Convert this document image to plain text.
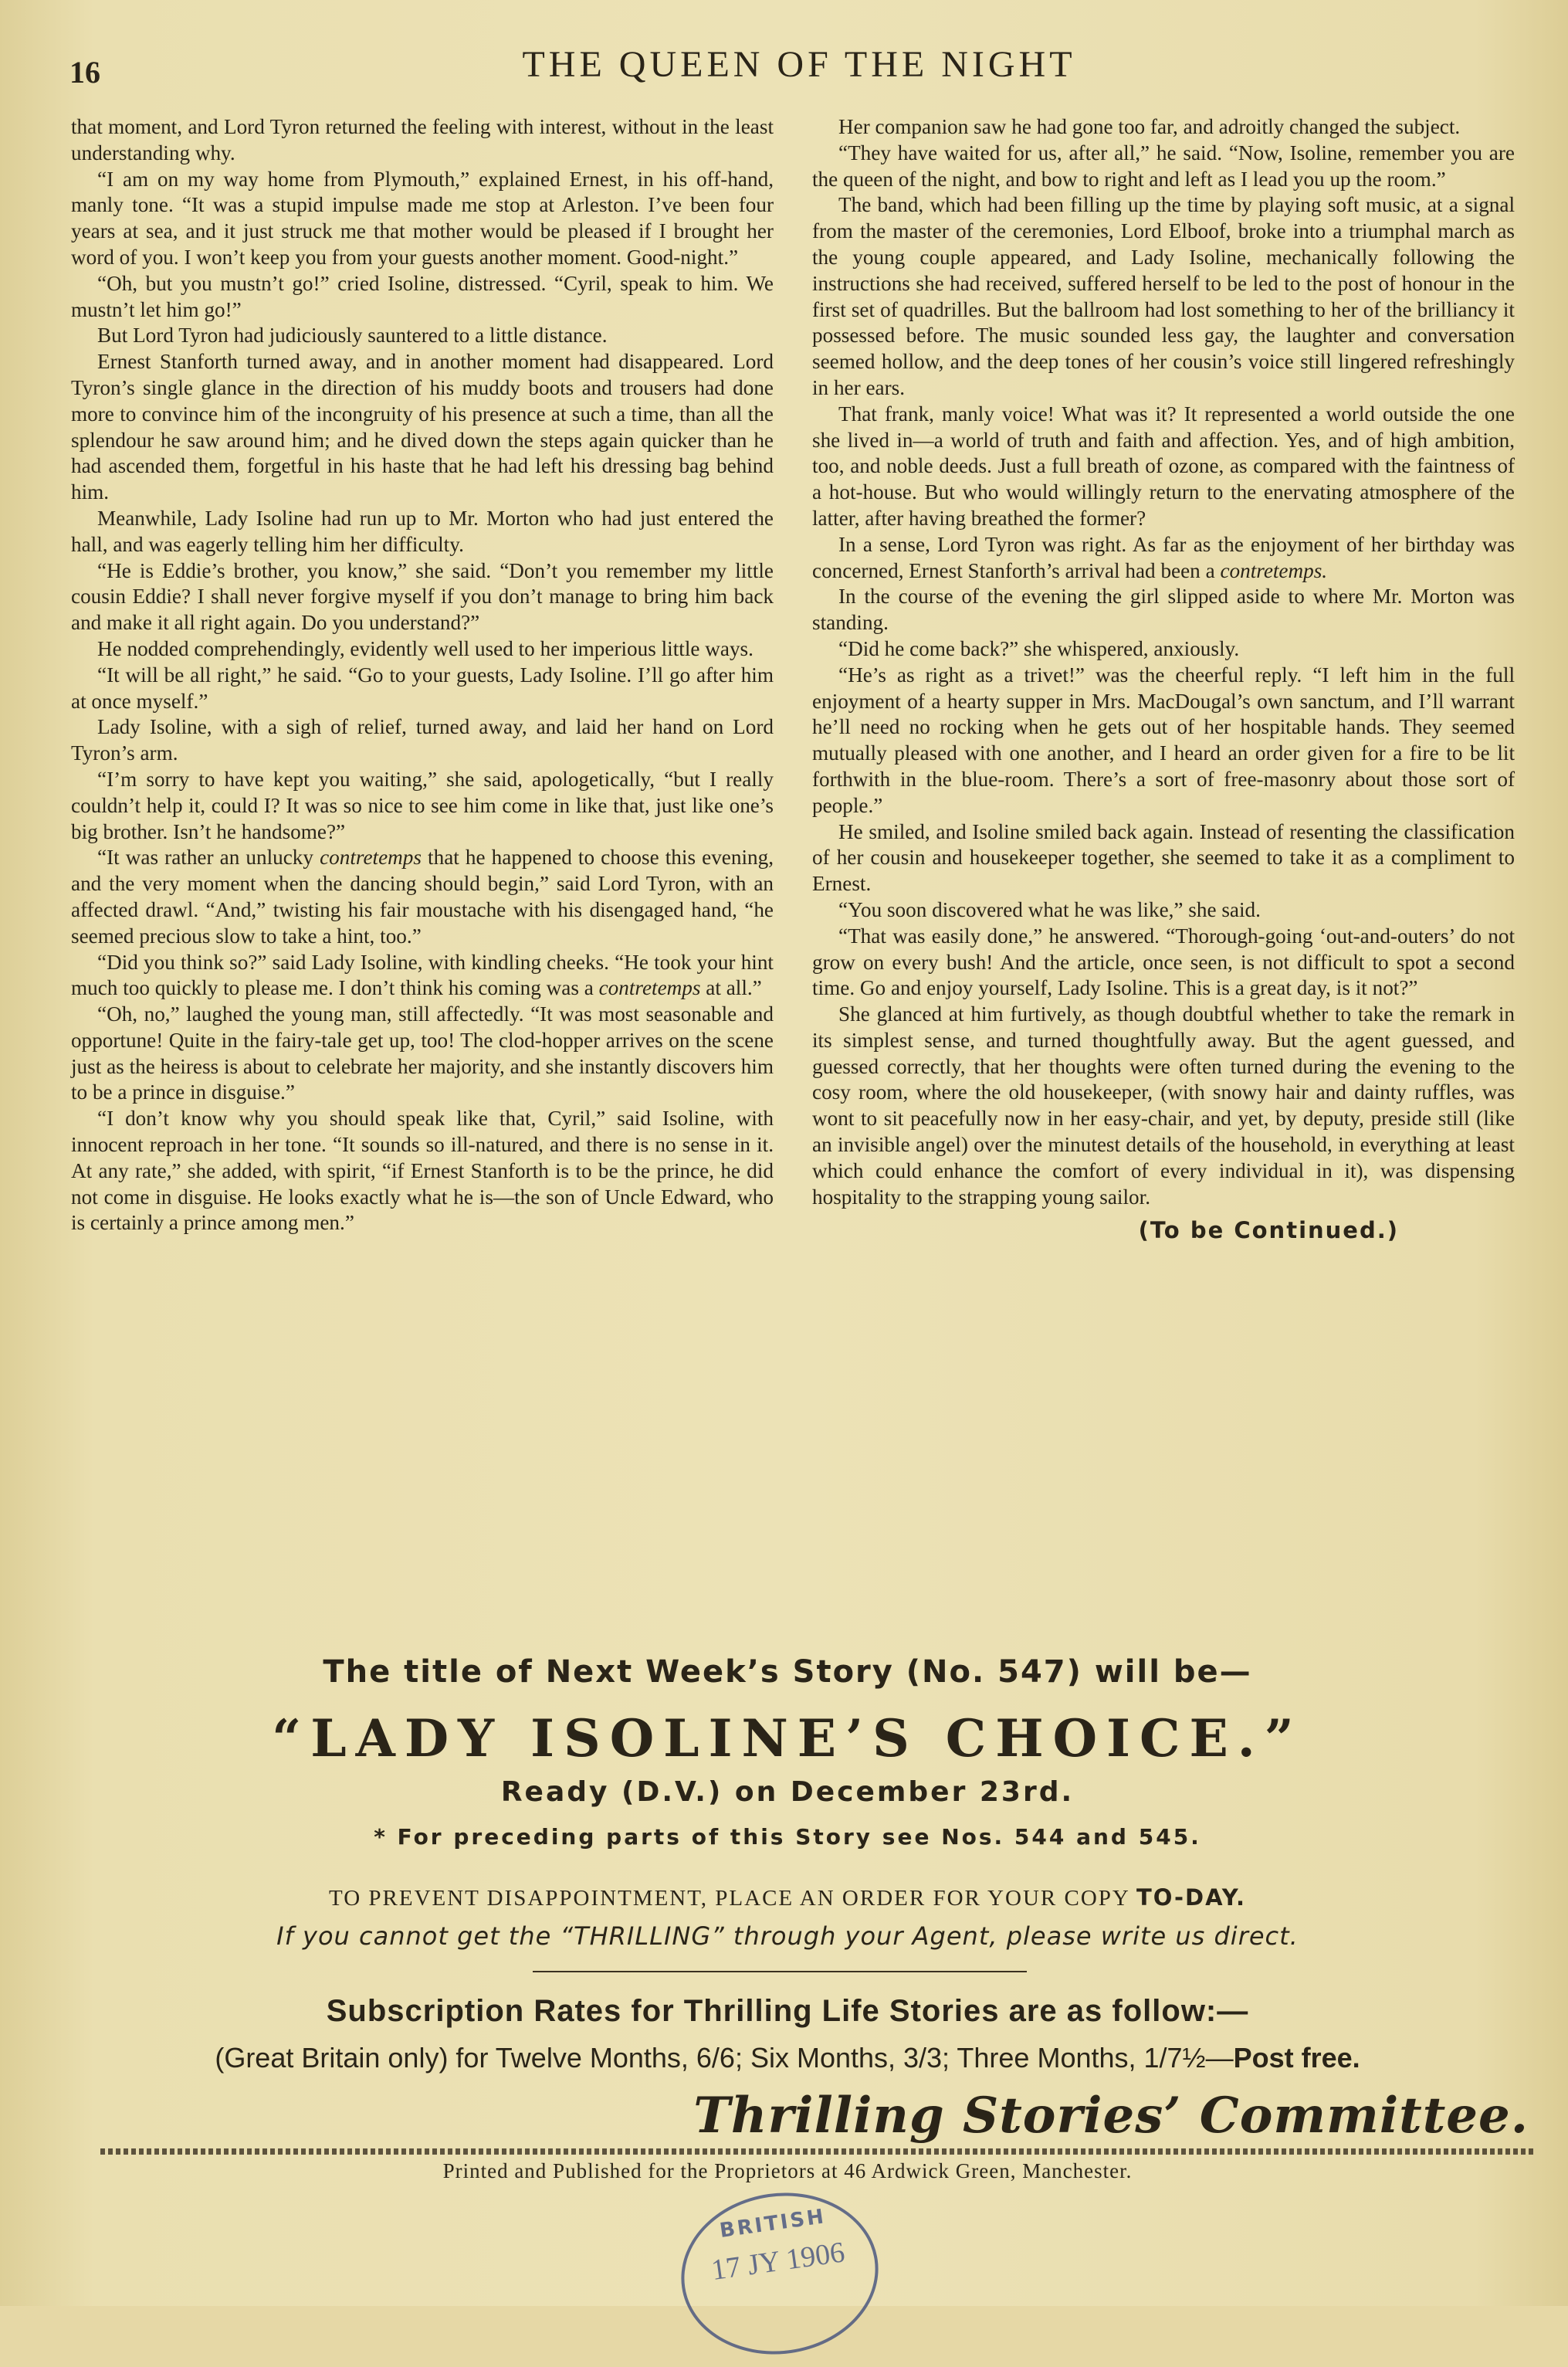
16	THE QUEEN OF THE NIGHT

that moment, and Lord Tyron returned the feeling with interest, without in the least understanding why.

“I am on my way home from Plymouth,” explained Ernest, in his off-hand, manly tone. “It was a stupid impulse made me stop at Arleston. I’ve been four years at sea, and it just struck me that mother would be pleased if I brought her word of you. I won’t keep you from your guests another moment. Good-night.”

“Oh, but you mustn’t go!” cried Isoline, distressed. “Cyril, speak to him. We mustn’t let him go!”

But Lord Tyron had judiciously sauntered to a little distance.

Ernest Stanforth turned away, and in another moment had disappeared. Lord Tyron’s single glance in the direction of his muddy boots and trousers had done more to convince him of the incongruity of his presence at such a time, than all the splendour he saw around him; and he dived down the steps again quicker than he had ascended them, forgetful in his haste that he had left his dressing bag behind him.

Meanwhile, Lady Isoline had run up to Mr. Morton who had just entered the hall, and was eagerly telling him her difficulty.

“He is Eddie’s brother, you know,” she said. “Don’t you remember my little cousin Eddie? I shall never forgive myself if you don’t manage to bring him back and make it all right again. Do you understand?”

He nodded comprehendingly, evidently well used to her imperious little ways.

“It will be all right,” he said. “Go to your guests, Lady Isoline. I’ll go after him at once myself.”

Lady Isoline, with a sigh of relief, turned away, and laid her hand on Lord Tyron’s arm.

“I’m sorry to have kept you waiting,” she said, apologetically, “but I really couldn’t help it, could I? It was so nice to see him come in like that, just like one’s big brother. Isn’t he handsome?”

“It was rather an unlucky contretemps that he happened to choose this evening, and the very moment when the dancing should begin,” said Lord Tyron, with an affected drawl. “And,” twisting his fair moustache with his disengaged hand, “he seemed precious slow to take a hint, too.”

“Did you think so?” said Lady Isoline, with kindling cheeks. “He took your hint much too quickly to please me. I don’t think his coming was a contretemps at all.”

“Oh, no,” laughed the young man, still affectedly. “It was most seasonable and opportune! Quite in the fairy-tale get up, too! The clod-hopper arrives on the scene just as the heiress is about to celebrate her majority, and she instantly discovers him to be a prince in disguise.”

“I don’t know why you should speak like that, Cyril,” said Isoline, with innocent reproach in her tone. “It sounds so ill-natured, and there is no sense in it. At any rate,” she added, with spirit, “if Ernest Stanforth is to be the prince, he did not come in disguise. He looks exactly what he is—the son of Uncle Edward, who is certainly a prince among men.”

Her companion saw he had gone too far, and adroitly changed the subject.

“They have waited for us, after all,” he said. “Now, Isoline, remember you are the queen of the night, and bow to right and left as I lead you up the room.”

The band, which had been filling up the time by playing soft music, at a signal from the master of the ceremonies, Lord Elboof, broke into a triumphal march as the young couple appeared, and Lady Isoline, mechanically following the instructions she had received, suffered herself to be led to the post of honour in the first set of quadrilles. But the ballroom had lost something to her of the brilliancy it possessed before. The music sounded less gay, the laughter and conversation seemed hollow, and the deep tones of her cousin’s voice still lingered refreshingly in her ears.

That frank, manly voice! What was it? It represented a world outside the one she lived in—a world of truth and faith and affection. Yes, and of high ambition, too, and noble deeds. Just a full breath of ozone, as compared with the faintness of a hot-house. But who would willingly return to the enervating atmosphere of the latter, after having breathed the former?

In a sense, Lord Tyron was right. As far as the enjoyment of her birthday was concerned, Ernest Stanforth’s arrival had been a contretemps.

In the course of the evening the girl slipped aside to where Mr. Morton was standing.

“Did he come back?” she whispered, anxiously.

“He’s as right as a trivet!” was the cheerful reply. “I left him in the full enjoyment of a hearty supper in Mrs. MacDougal’s own sanctum, and I’ll warrant he’ll need no rocking when he gets out of her hospitable hands. They seemed mutually pleased with one another, and I heard an order given for a fire to be lit forthwith in the blue-room. There’s a sort of free-masonry about those sort of people.”

He smiled, and Isoline smiled back again. Instead of resenting the classification of her cousin and housekeeper together, she seemed to take it as a compliment to Ernest.

“You soon discovered what he was like,” she said.

“That was easily done,” he answered. “Thorough-going ‘out-and-outers’ do not grow on every bush! And the article, once seen, is not difficult to spot a second time. Go and enjoy yourself, Lady Isoline. This is a great day, is it not?”

She glanced at him furtively, as though doubtful whether to take the remark in its simplest sense, and turned thoughtfully away. But the agent guessed, and guessed correctly, that her thoughts were often turned during the evening to the cosy room, where the old housekeeper, (with snowy hair and dainty ruffles, was wont to sit peacefully now in her easy-chair, and yet, by deputy, preside still (like an invisible angel) over the minutest details of the household, in everything at least which could enhance the comfort of every individual in it), was dispensing hospitality to the strapping young sailor.

(To be Continued.)
The title of Next Week’s Story (No. 547) will be—
“LADY ISOLINE’S CHOICE.”
Ready (D.V.) on December 23rd.
* For preceding parts of this Story see Nos. 544 and 545.
TO PREVENT DISAPPOINTMENT, PLACE AN ORDER FOR YOUR COPY TO-DAY.
If you cannot get the “THRILLING” through your Agent, please write us direct.
Subscription Rates for Thrilling Life Stories are as follow:—
(Great Britain only) for Twelve Months, 6/6; Six Months, 3/3; Three Months, 1/7½—Post free.
Thrilling Stories’ Committee.
Printed and Published for the Proprietors at 46 Ardwick Green, Manchester.
BRITISH
17 JY 1906
